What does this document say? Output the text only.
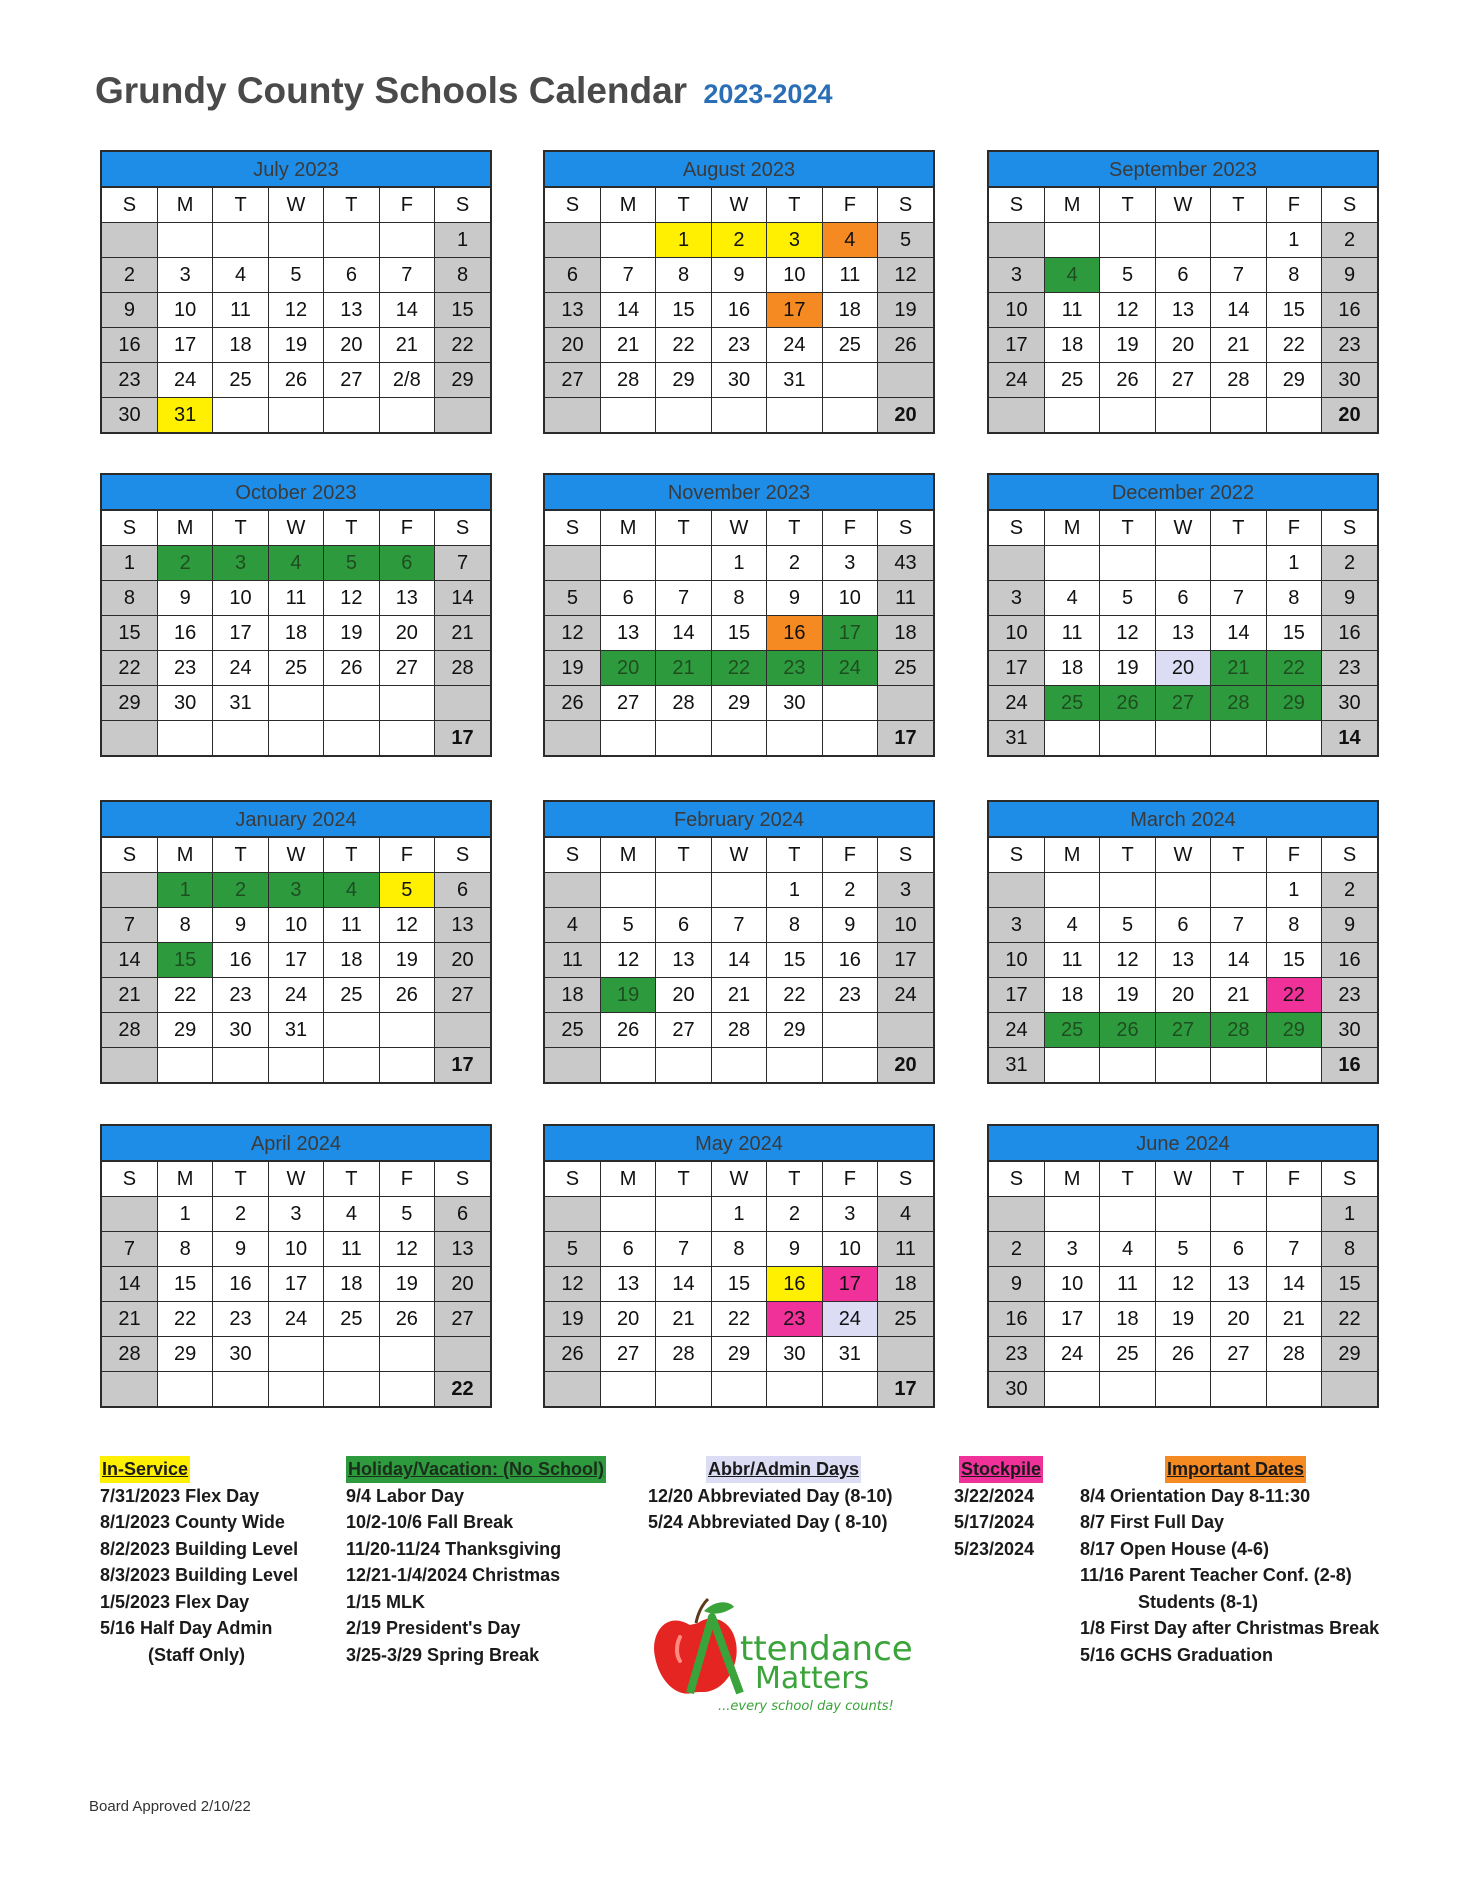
Grundy County Schools Calendar 2023-2024
July 2023
S	M	T	W	T	F	S
						1
2	3	4	5	6	7	8
9	10	11	12	13	14	15
16	17	18	19	20	21	22
23	24	25	26	27	2/8	29
30	31					
August 2023
S	M	T	W	T	F	S
		1	2	3	4	5
6	7	8	9	10	11	12
13	14	15	16	17	18	19
20	21	22	23	24	25	26
27	28	29	30	31		
						20
September 2023
S	M	T	W	T	F	S
					1	2
3	4	5	6	7	8	9
10	11	12	13	14	15	16
17	18	19	20	21	22	23
24	25	26	27	28	29	30
						20
October 2023
S	M	T	W	T	F	S
1	2	3	4	5	6	7
8	9	10	11	12	13	14
15	16	17	18	19	20	21
22	23	24	25	26	27	28
29	30	31				
						17
November 2023
S	M	T	W	T	F	S
			1	2	3	43
5	6	7	8	9	10	11
12	13	14	15	16	17	18
19	20	21	22	23	24	25
26	27	28	29	30		
						17
December 2022
S	M	T	W	T	F	S
					1	2
3	4	5	6	7	8	9
10	11	12	13	14	15	16
17	18	19	20	21	22	23
24	25	26	27	28	29	30
31						14
January 2024
S	M	T	W	T	F	S
	1	2	3	4	5	6
7	8	9	10	11	12	13
14	15	16	17	18	19	20
21	22	23	24	25	26	27
28	29	30	31			
						17
February 2024
S	M	T	W	T	F	S
				1	2	3
4	5	6	7	8	9	10
11	12	13	14	15	16	17
18	19	20	21	22	23	24
25	26	27	28	29		
						20
March 2024
S	M	T	W	T	F	S
					1	2
3	4	5	6	7	8	9
10	11	12	13	14	15	16
17	18	19	20	21	22	23
24	25	26	27	28	29	30
31						16
April 2024
S	M	T	W	T	F	S
	1	2	3	4	5	6
7	8	9	10	11	12	13
14	15	16	17	18	19	20
21	22	23	24	25	26	27
28	29	30				
						22
May 2024
S	M	T	W	T	F	S
			1	2	3	4
5	6	7	8	9	10	11
12	13	14	15	16	17	18
19	20	21	22	23	24	25
26	27	28	29	30	31	
						17
June 2024
S	M	T	W	T	F	S
						1
2	3	4	5	6	7	8
9	10	11	12	13	14	15
16	17	18	19	20	21	22
23	24	25	26	27	28	29
30						
In-Service
7/31/2023 Flex Day
8/1/2023 County Wide
8/2/2023 Building Level
8/3/2023 Building Level
1/5/2023 Flex Day
5/16 Half Day Admin
(Staff Only)
Holiday/Vacation: (No School)
9/4 Labor Day
10/2-10/6 Fall Break
11/20-11/24 Thanksgiving
12/21-1/4/2024 Christmas
1/15 MLK
2/19 President's Day
3/25-3/29 Spring Break
Abbr/Admin Days
12/20 Abbreviated Day (8-10)
5/24 Abbreviated Day ( 8-10)
Stockpile
3/22/2024
5/17/2024
5/23/2024
Important Dates
8/4 Orientation Day 8-11:30
8/7 First Full Day
8/17 Open House (4-6)
11/16 Parent Teacher Conf. (2-8)
Students (8-1)
1/8 First Day after Christmas Break
5/16 GCHS Graduation
ttendance
Matters
...every school day counts!
Board Approved 2/10/22
